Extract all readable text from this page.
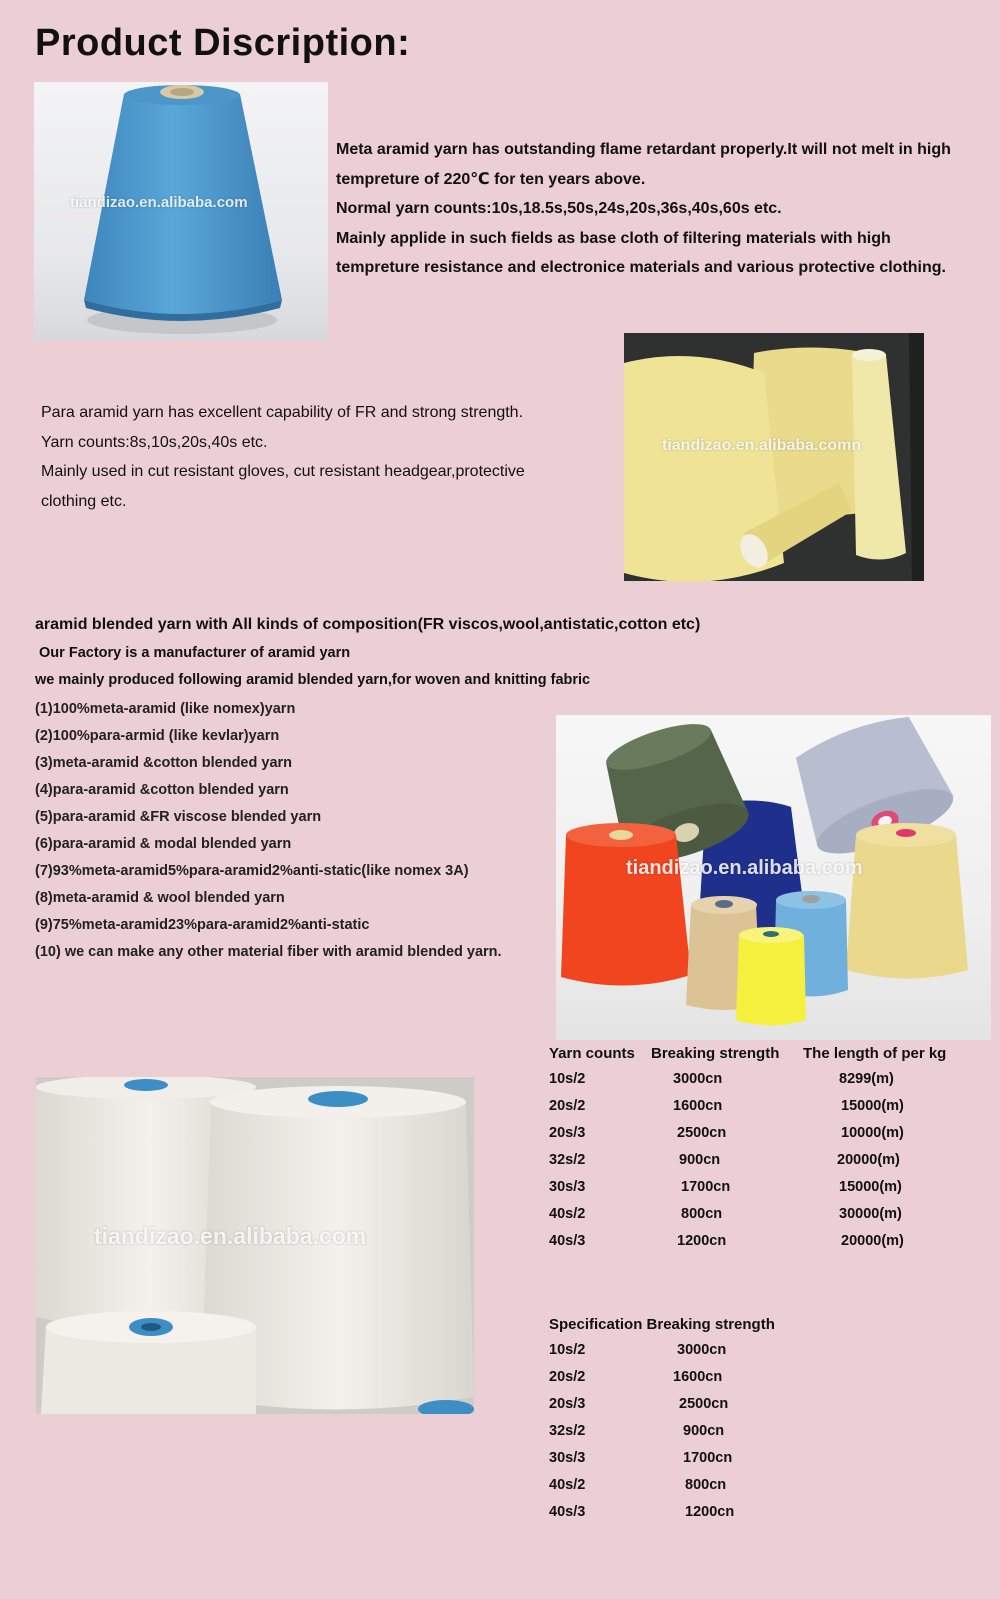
Product Discription:
tiandizao.en.alibaba.com
Meta aramid yarn has outstanding flame retardant properly.It will not melt in high
tempreture of 220℃ for ten years above.
Normal yarn counts:10s,18.5s,50s,24s,20s,36s,40s,60s etc.
Mainly applide in such fields as base cloth of filtering materials with high
tempreture resistance and electronice materials and various protective clothing.
Para aramid yarn has excellent capability of FR and strong strength.
Yarn counts:8s,10s,20s,40s etc.
Mainly used in cut resistant gloves, cut resistant headgear,protective
clothing etc.
tiandizao.en.alibaba.comn
aramid blended yarn with All kinds of composition(FR viscos,wool,antistatic,cotton etc)
Our Factory is a manufacturer of aramid yarn
we mainly produced following aramid blended yarn,for woven and knitting fabric
(1)100%meta-aramid (like nomex)yarn
(2)100%para-armid (like kevlar)yarn
(3)meta-aramid &cotton blended yarn
(4)para-aramid &cotton blended yarn
(5)para-aramid &FR viscose blended yarn
(6)para-aramid & modal blended yarn
(7)93%meta-aramid5%para-aramid2%anti-static(like nomex 3A)
(8)meta-aramid & wool blended yarn
(9)75%meta-aramid23%para-aramid2%anti-static
(10) we can make any other material fiber with aramid blended yarn.
tiandizao.en.alibaba.com
Yarn counts Breaking strength The length of per kg
10s/2	3000cn	8299(m)
20s/2	1600cn	15000(m)
20s/3	2500cn	10000(m)
32s/2	900cn	20000(m)
30s/3	1700cn	15000(m)
40s/2	800cn	30000(m)
40s/3	1200cn	20000(m)
tiandizao.en.alibaba.com
Specification Breaking strength
10s/2	3000cn
20s/2	1600cn
20s/3	2500cn
32s/2	900cn
30s/3	1700cn
40s/2	800cn
40s/3	1200cn
